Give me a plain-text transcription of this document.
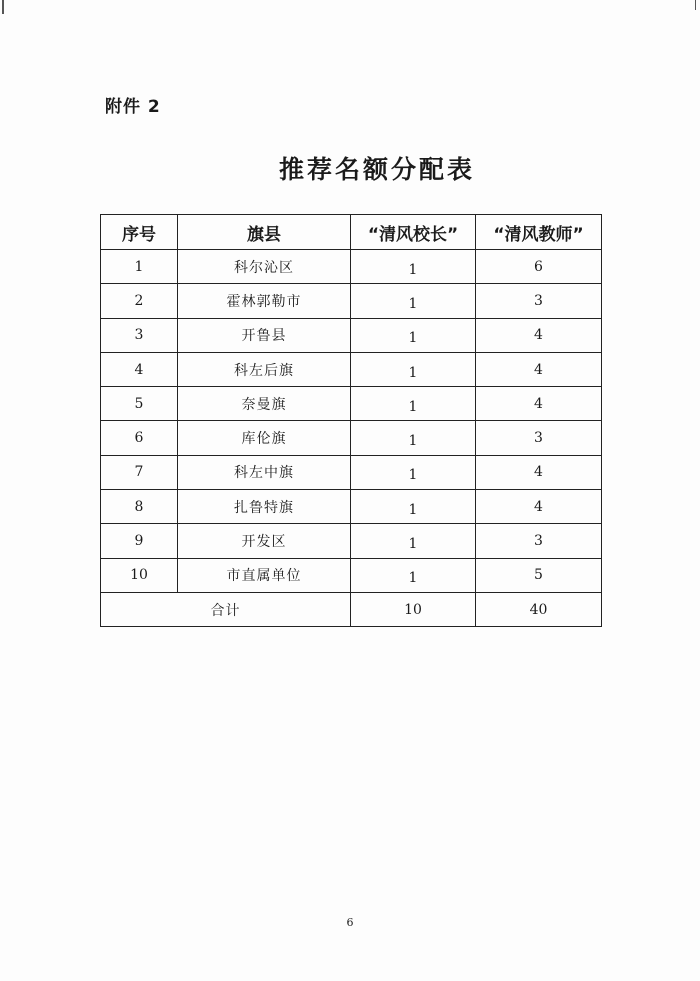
附件 2
推荐名额分配表
序号	旗县	“清风校长”	“清风教师”
1	科尔沁区	1	6
2	霍林郭勒市	1	3
3	开鲁县	1	4
4	科左后旗	1	4
5	奈曼旗	1	4
6	库伦旗	1	3
7	科左中旗	1	4
8	扎鲁特旗	1	4
9	开发区	1	3
10	市直属单位	1	5
合计		10	40
6
